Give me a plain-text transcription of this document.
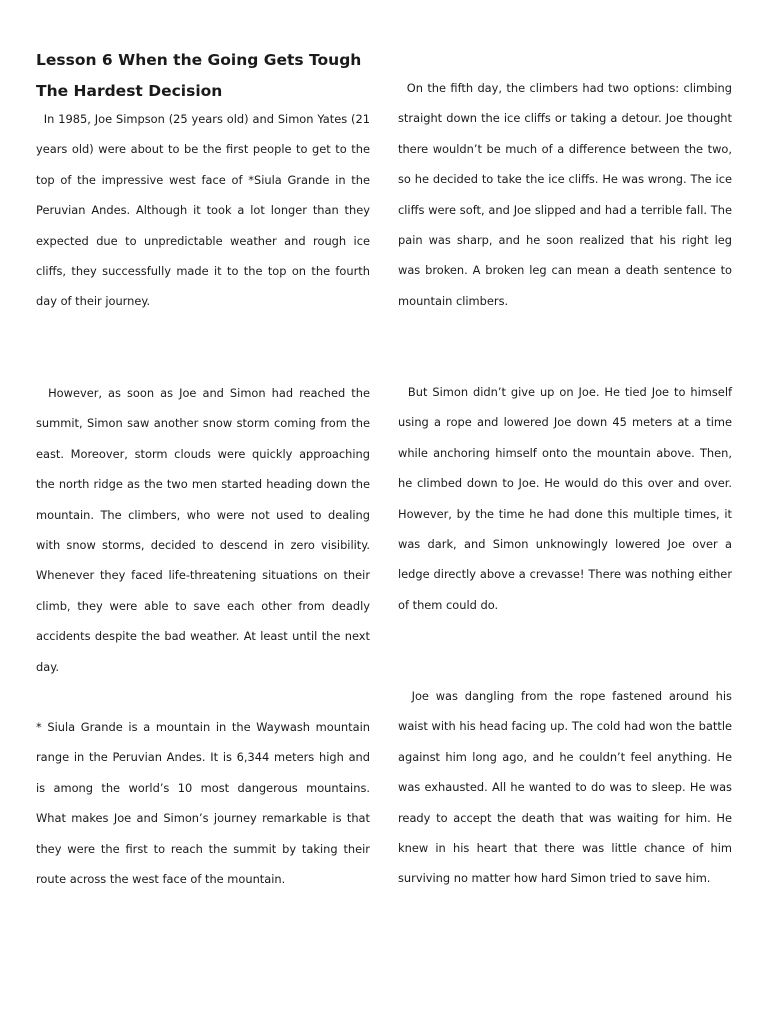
Lesson 6 When the Going Gets Tough
The Hardest Decision

In 1985, Joe Simpson (25 years old) and Simon Yates (21 years old) were about to be the first people to get to the top of the impressive west face of *Siula Grande in the Peruvian Andes. Although it took a lot longer than they expected due to unpredictable weather and rough ice cliffs, they successfully made it to the top on the fourth day of their journey.

However, as soon as Joe and Simon had reached the summit, Simon saw another snow storm coming from the east. Moreover, storm clouds were quickly approaching the north ridge as the two men started heading down the mountain. The climbers, who were not used to dealing with snow storms, decided to descend in zero visibility. Whenever they faced life-threatening situations on their climb, they were able to save each other from deadly accidents despite the bad weather. At least until the next day.

* Siula Grande is a mountain in the Waywash mountain range in the Peruvian Andes. It is 6,344 meters high and is among the world’s 10 most dangerous mountains. What makes Joe and Simon’s journey remarkable is that they were the first to reach the summit by taking their route across the west face of the mountain.

On the fifth day, the climbers had two options: climbing straight down the ice cliffs or taking a detour. Joe thought there wouldn’t be much of a difference between the two, so he decided to take the ice cliffs. He was wrong. The ice cliffs were soft, and Joe slipped and had a terrible fall. The pain was sharp, and he soon realized that his right leg was broken. A broken leg can mean a death sentence to mountain climbers.

But Simon didn’t give up on Joe. He tied Joe to himself using a rope and lowered Joe down 45 meters at a time while anchoring himself onto the mountain above. Then, he climbed down to Joe. He would do this over and over. However, by the time he had done this multiple times, it was dark, and Simon unknowingly lowered Joe over a ledge directly above a crevasse! There was nothing either of them could do.

Joe was dangling from the rope fastened around his waist with his head facing up. The cold had won the battle against him long ago, and he couldn’t feel anything. He was exhausted. All he wanted to do was to sleep. He was ready to accept the death that was waiting for him. He knew in his heart that there was little chance of him surviving no matter how hard Simon tried to save him.
